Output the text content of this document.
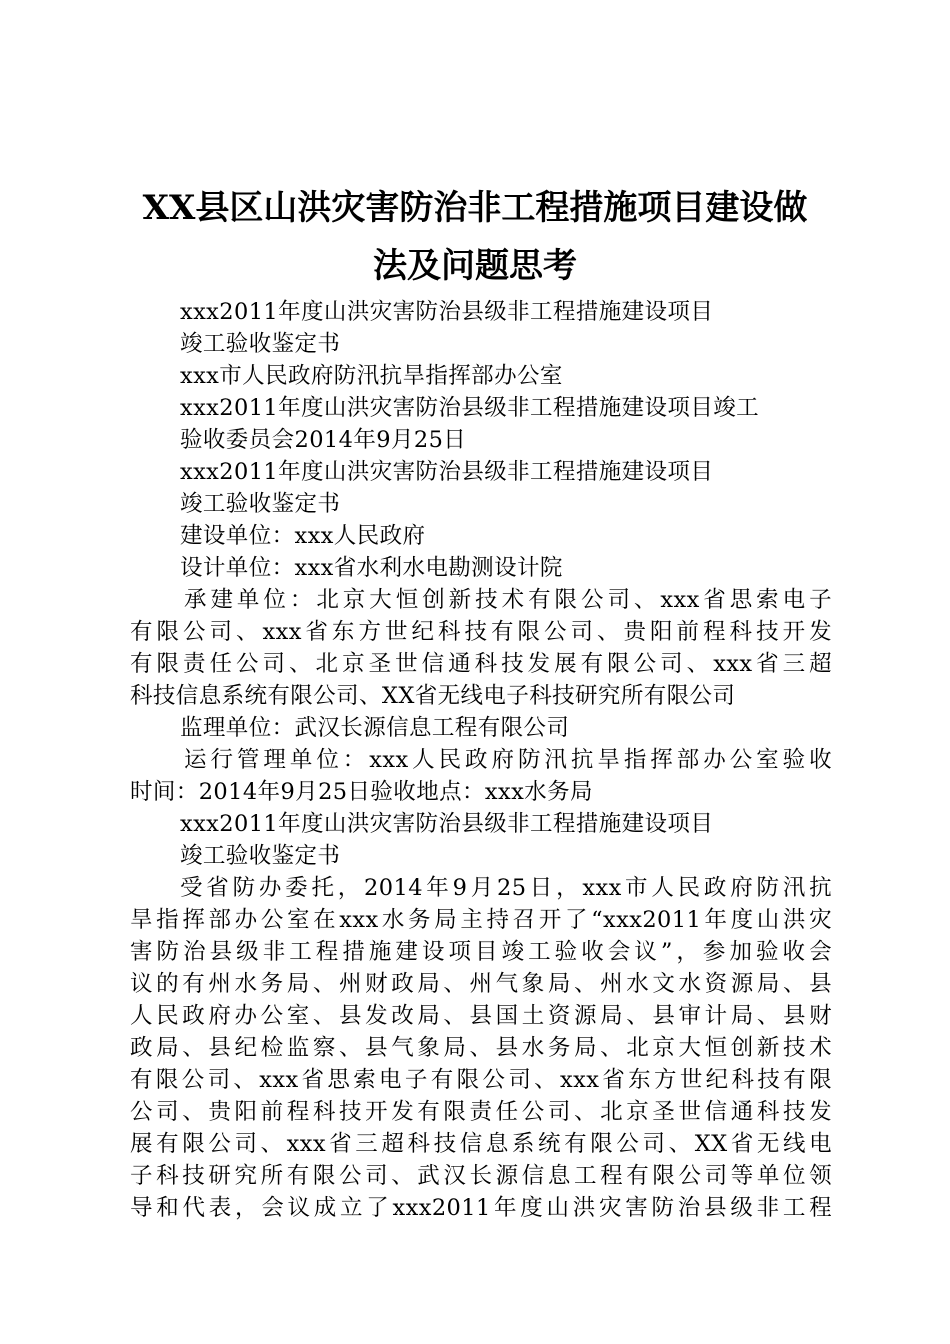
XX县区山洪灾害防治非工程措施项目建设做
法及问题思考
xxx2011年度山洪灾害防治县级非工程措施建设项目
竣工验收鉴定书
xxx市人民政府防汛抗旱指挥部办公室
xxx2011年度山洪灾害防治县级非工程措施建设项目竣工
验收委员会2014年9月25日
xxx2011年度山洪灾害防治县级非工程措施建设项目
竣工验收鉴定书
建设单位：xxx人民政府
设计单位：xxx省水利水电勘测设计院
承建单位：北京大恒创新技术有限公司、xxx省思索电子
有限公司、xxx省东方世纪科技有限公司、贵阳前程科技开发
有限责任公司、北京圣世信通科技发展有限公司、xxx省三超
科技信息系统有限公司、XX省无线电子科技研究所有限公司
监理单位：武汉长源信息工程有限公司
运行管理单位：xxx人民政府防汛抗旱指挥部办公室验收
时间：2014年9月25日验收地点：xxx水务局
xxx2011年度山洪灾害防治县级非工程措施建设项目
竣工验收鉴定书
受省防办委托，2014年9月25日，xxx市人民政府防汛抗
旱指挥部办公室在xxx水务局主持召开了“xxx2011年度山洪灾
害防治县级非工程措施建设项目竣工验收会议”，参加验收会
议的有州水务局、州财政局、州气象局、州水文水资源局、县
人民政府办公室、县发改局、县国土资源局、县审计局、县财
政局、县纪检监察、县气象局、县水务局、北京大恒创新技术
有限公司、xxx省思索电子有限公司、xxx省东方世纪科技有限
公司、贵阳前程科技开发有限责任公司、北京圣世信通科技发
展有限公司、xxx省三超科技信息系统有限公司、XX省无线电
子科技研究所有限公司、武汉长源信息工程有限公司等单位领
导和代表，会议成立了xxx2011年度山洪灾害防治县级非工程
